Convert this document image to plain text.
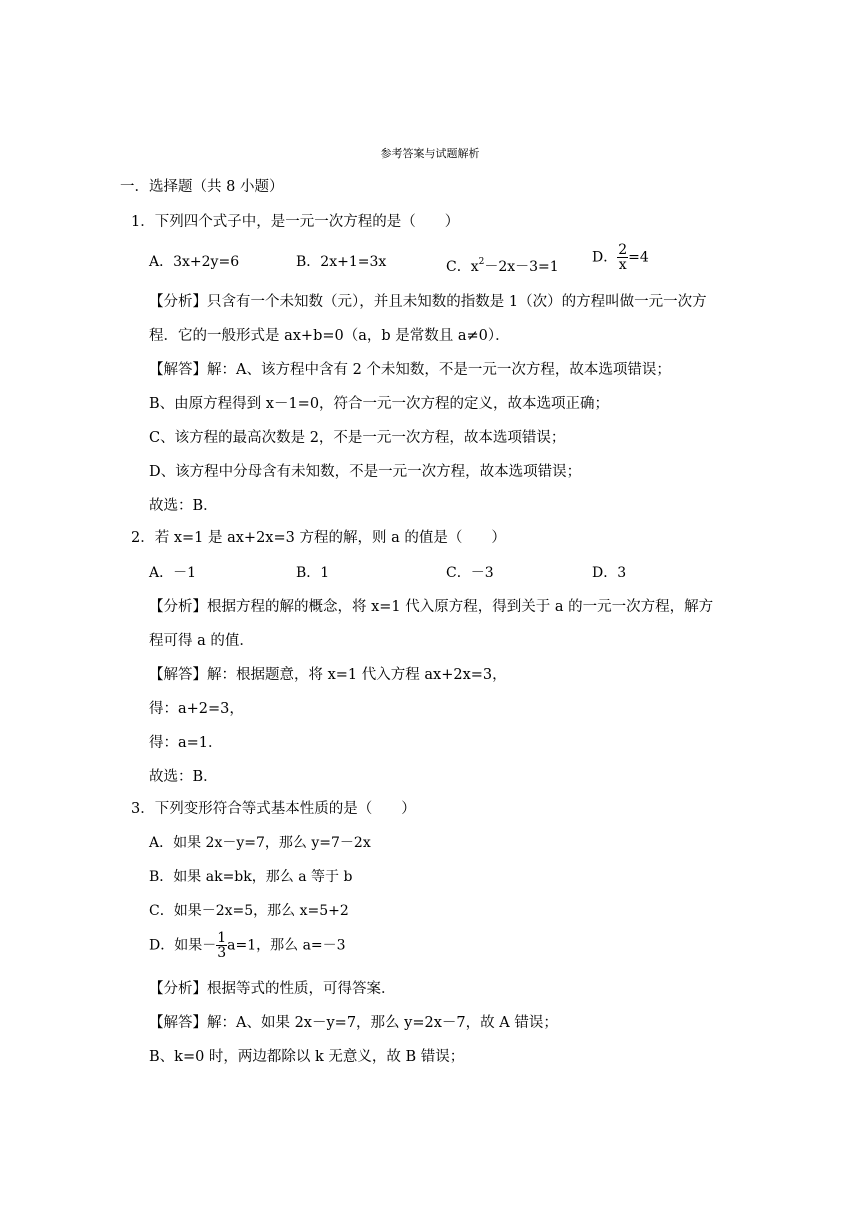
参考答案与试题解析
一．选择题（共 8 小题）
1．下列四个式子中，是一元一次方程的是（　　）
A．3x+2y=6	B．2x+1=3x	C．$x^2-2x-3=1$
D． $\frac{2}{x} =4$
【分析】只含有一个未知数（元），并且未知数的指数是 1（次）的方程叫做一元一次方
程．它的一般形式是 ax+b=0（a，b 是常数且 a≠0）．
【解答】解：A、该方程中含有 2 个未知数，不是一元一次方程，故本选项错误；
B、由原方程得到 x－1=0，符合一元一次方程的定义，故本选项正确；
C、该方程的最高次数是 2，不是一元一次方程，故本选项错误；
D、该方程中分母含有未知数，不是一元一次方程，故本选项错误；
故选：B．
2．若 x=1 是 ax+2x=3 方程的解，则 a 的值是（　　）
A．－1	B．1	C．－3	D．3
【分析】根据方程的解的概念，将 x=1 代入原方程，得到关于 a 的一元一次方程，解方
程可得 a 的值．
【解答】解：根据题意，将 x=1 代入方程 ax+2x=3，
得：a+2=3，
得：a=1．
故选：B．
3．下列变形符合等式基本性质的是（　　）
A．如果 2x－y=7，那么 y=7－2x
B．如果 ak=bk，那么 a 等于 b
C．如果－2x=5，那么 x=5+2
D．如果－ $\frac{1}{3} a=1$，那么 a=－3
【分析】根据等式的性质，可得答案．
【解答】解：A、如果 2x－y=7，那么 y=2x－7，故 A 错误；
B、k=0 时，两边都除以 k 无意义，故 B 错误；
